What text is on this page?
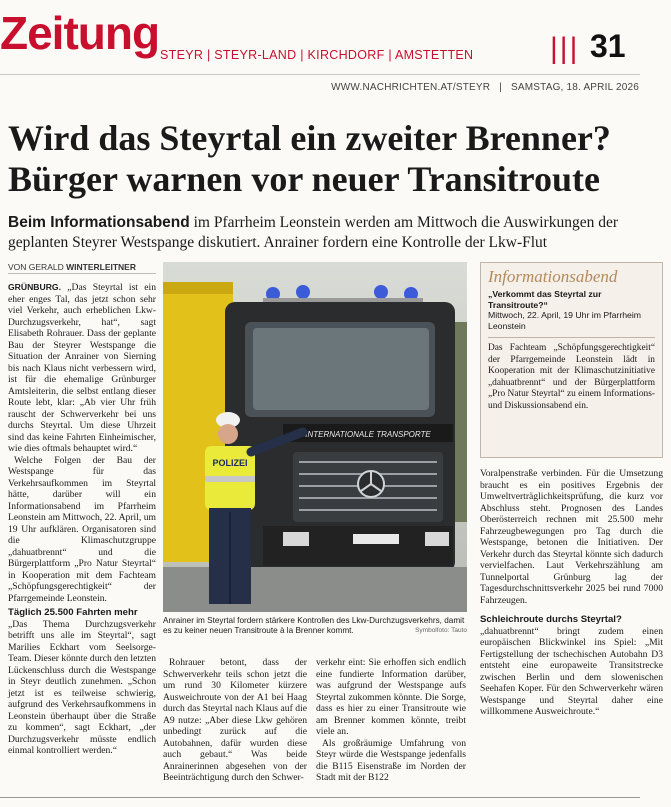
Zeitung STEYR | STEYR-LAND | KIRCHDORF | AMSTETTEN	||| 31
WWW.NACHRICHTEN.AT/STEYR | SAMSTAG, 18. APRIL 2026
Wird das Steyrtal ein zweiter Brenner?
Bürger warnen vor neuer Transitroute
Beim Informationsabend im Pfarrheim Leonstein werden am Mittwoch die Auswirkungen der geplanten Steyrer Westspange diskutiert. Anrainer fordern eine Kontrolle der Lkw-Flut
VON GERALD WINTERLEITNER

GRÜNBURG. „Das Steyrtal ist ein eher enges Tal, das jetzt schon sehr viel Verkehr, auch erheblichen Lkw-Durchzugsverkehr, hat“, sagt Elisabeth Rohrauer. Dass der geplante Bau der Steyrer Westspange die Situation der Anrainer von Sierning bis nach Klaus nicht verbessern wird, ist für die ehemalige Grünburger Amtsleiterin, die selbst entlang dieser Route lebt, klar: „Ab vier Uhr früh rauscht der Schwerverkehr bei uns durchs Steyrtal. Um diese Uhrzeit sind das keine Fahrten Einheimischer, wie dies oftmals behauptet wird.“

Welche Folgen der Bau der Westspange für das Verkehrsaufkommen im Steyrtal hätte, darüber will ein Informationsabend im Pfarrheim Leonstein am Mittwoch, 22. April, um 19 Uhr aufklären. Organisatoren sind die Klimaschutzgruppe „dahuatbrennt“ und die Bürgerplattform „Pro Natur Steyrtal“ in Kooperation mit dem Fachteam „Schöpfungsgerechtigkeit“ der Pfarrgemeinde Leonstein.

Täglich 25.500 Fahrten mehr

„Das Thema Durchzugsverkehr betrifft uns alle im Steyrtal“, sagt Marilies Eckhart vom Seelsorge-Team. Dieser könnte durch den letzten Lückenschluss durch die Westspange in Steyr deutlich zunehmen. „Schon jetzt ist es teilweise schwierig, aufgrund des Verkehrsaufkommens in Leonstein überhaupt über die Straße zu kommen“, sagt Eckhart, „der Durchzugsverkehr müsste endlich einmal kontrolliert werden.“

INTERNATIONALE TRANSPORTE
POLIZEI
Anrainer im Steyrtal fordern stärkere Kontrollen des Lkw-Durchzugsverkehrs, damit es zu keiner neuen Transitroute à la Brenner kommt.	Symbolfoto: Tauto
Informationsabend
„Verkommt das Steyrtal zur Transitroute?“
Mittwoch, 22. April, 19 Uhr im Pfarrheim Leonstein
Das Fachteam „Schöpfungsgerechtigkeit“ der Pfarrgemeinde Leonstein lädt in Kooperation mit der Klimaschutzinitiative „dahuatbrennt“ und der Bürgerplattform „Pro Natur Steyrtal“ zu einem Informations- und Diskussionsabend ein.

Rohrauer betont, dass der Schwerverkehr teils schon jetzt die um rund 30 Kilometer kürzere Ausweichroute von der A1 bei Haag durch das Steyrtal nach Klaus auf die A9 nutze: „Aber diese Lkw gehören unbedingt zurück auf die Autobahnen, dafür wurden diese auch gebaut.“ Was beide Anrainerinnen abgesehen von der Beeinträchtigung durch den Schwer-

verkehr eint: Sie erhoffen sich endlich eine fundierte Information darüber, was aufgrund der Westspange aufs Steyrtal zukommen könnte. Die Sorge, dass es hier zu einer Transitroute wie am Brenner kommen könnte, treibt viele an.

Als großräumige Umfahrung von Steyr würde die Westspange jedenfalls die B115 Eisenstraße im Norden der Stadt mit der B122

Voralpenstraße verbinden. Für die Umsetzung braucht es ein positives Ergebnis der Umweltverträglichkeitsprüfung, die kurz vor Abschluss steht. Prognosen des Landes Oberösterreich rechnen mit 25.500 mehr Fahrzeugbewegungen pro Tag durch die Westspange, betonen die Initiativen. Der Verkehr durch das Steyrtal könnte sich dadurch vervielfachen. Laut Verkehrszählung am Tunnelportal Grünburg lag der Tagesdurchschnittsverkehr 2025 bei rund 7000 Fahrzeugen.

Schleichroute durchs Steyrtal?

„dahuatbrennt“ bringt zudem einen europäischen Blickwinkel ins Spiel: „Mit Fertigstellung der tschechischen Autobahn D3 entsteht eine europaweite Transitstrecke zwischen Berlin und dem slowenischen Seehafen Koper. Für den Schwerverkehr wären Westspange und Steyrtal daher eine willkommene Ausweichroute.“
